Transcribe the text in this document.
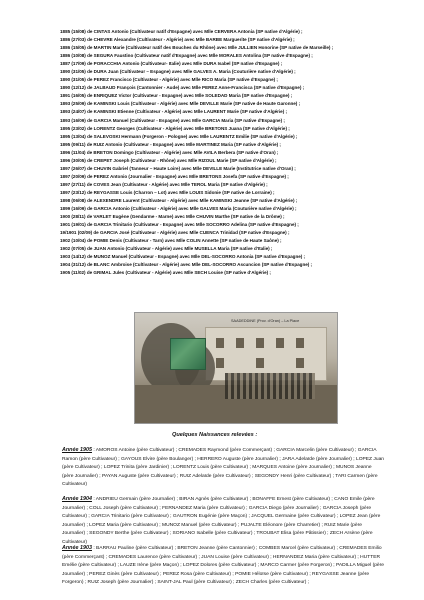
1885 (15/08) de CINTAS Antonio (Cultivateur natif d'Espagne) avec Mlle CERVERA Antonia (SP native d'Algérie) ;
1886 (27/03) de CHEVRE Alexandre (Cultivateur - Algérie) avec Mlle BARBE Marguerite (SP native d'Algérie) ;
1886 (15/05) de MARTIN Marie (Cultivateur natif des Bouches du Rhône) avec Mlle JULLIEN Honorine (SP native de Marseille) ;
1886 (10/08) de SEGURA Faustino (Cultivateur natif d'Espagne) avec Mlle MORALES Antolina (SP native d'Espagne) ;
1887 (17/09) de PORACCHIA Antonio (Cultivateur- Italie) avec Mlle DURA Isabel (SP native d'Espagne) ;
1890 (31/05) de DURA Juan (Cultivateur – Espagne) avec Mlle GALVES A. Maria (Couturière native d'Algérie) ;
1890 (31/05) de PEREZ Francisco (Cultivateur - Algérie) avec Mlle RICO Maria (SP native d'Espagne) ;
1890 (12/12) de JALBAUD François (Cantonnier - Aude) avec Mlle PEREZ Anne-Francisca (SP native d'Espagne) ;
1891 (16/05) de ENRIQUEZ Victor (Cultivateur - Espagne) avec Mlle SOLEDAD Maria (SP native d'Espagne) ;
1893 (25/09) de KAMINSKI Louis (Cultivateur - Algérie) avec Mlle DEVILLE Marie (SP native de Haute Garonne) ;
1893 (24/07) de KAMINSKI Etienne (Cultivateur - Algérie) avec Mlle LAURENT Marie (SP native d'Algérie) ;
1893 (16/09) de GARCIA Manuel (Cultivateur - Espagne) avec Mlle GARCIA Maria (SP native d'Espagne) ;
1895 (23/02) de LORENTZ Georges (Cultivateur - Algérie) avec Mlle BRETONS Juana (SP native d'Algérie) ;
1895 (13/04) de SALEVOSKI Hermann (Forgeron - Pologne) avec Mlle LAURENTZ Emilie (SP native d'Algérie) ;
1895 (09/11) de RUIZ Antonio (Cultivateur - Espagne) avec Mlle MARTINEZ Maria (SP native d'Algérie) ;
1896 (11/04) de BRETON Domingo (Cultivateur - Algérie) avec Mlle AVILA Berbera (SP native d'Oran) ;
1896 (30/05) de CREPET Joseph (Cultivateur - Rhône) avec Mlle RIZOUL Marie (SP native d'Algérie) ;
1897 (26/07) de CHUVIN Gabriel (Tanneur – Haute Loire) avec Mlle DEVILLE Marie (Institutrice native d'Oran) ;
1897 (20/09) de PEREZ Antonio (Journalier - Espagne) avec Mlle BRETONS Josefa (SP native d'Espagne) ;
1897 (27/11) de COVES Jean (Cultivateur - Algérie) avec Mlle TEROL Maria (SP native d'Algérie) ;
1897 (23/12) de REYGASSE Louis (Charron – Lot) avec Mlle LOUIS Sidonie (SP native de Lorraine) ;
1898 (06/08) de ALEXENDRE Laurent (Cultivateur - Algérie) avec Mlle KAMINSKI Jeanne (SP native d'Algérie) ;
1899 (16/09) de GARCIA Antonio (Cultivateur - Algérie) avec Mlle GALVES Maria (Couturière native d'Algérie) ;
1900 (28/11) de VARLET Eugène (Gendarme - Marne) avec Mlle CHUVIN Marthe (SP native de la Drôme) ;
1901 (19/01) de GARCIA Trinitario (Cultivateur - Espagne) avec Mlle SOCORRO Adelina (SP native d'Espagne) ;
19/1901 (02/09) de GARCIA José (Cultivateur - Algérie) avec Mlle CUENCA Trinidad (SP native d'Espagne) ;
1902 (10/04) de POMIE Denis (Cultivateur - Tarn) avec Mlle COLIN Annette (SP native de Haute Saône) ;
1902 (07/05) de JUAN Antonio (Cultivateur - Algérie) avec Mlle MUSELLA Maria (SP native d'Italie) ;
1903 (14/12) de MUNOZ Manuel (Cultivateur - Espagne) avec Mlle DEL-SOCORRO Antonia (SP native d'Espagne) ;
1904 (31/12) de BLANC Ambroise (Cultivateur - Algérie) avec Mlle DEL-SOCORRO Ascuncion (SP native d'Espagne) ;
1905 (11/02) de GRIMAL Jules (Cultivateur - Algérie) avec Mlle SECH Louise (SP native d'Algérie) ;
SAADEDDINE (Prov. d'Oran) – La Place
Quelques Naissances relevées :
Année 1905 : AMOROS Antoine (père Cultivateur) ; CREMADES Raymond (père Commerçant) ; GARCIA Marcelin (père Cultivateur) ; GARCIA Ramon (père Cultivateur) ; GAYOUS Elvire (père Boulanger) ; HERRERO Auguste (père Journalier) ; JARA Adelaïde (père Journalier) ; LOPEZ Juan (père Cultivateur) ; LOPEZ Trinita (père Jardinier) ; LORENTZ Louis (père Cultivateur) ; MARQUES Antoine (père Journalier) ; MUNOS Jeanne (père Journalier) ; PAYAN Auguste (père Cultivateur) ; RUIZ Adelaïde (père Cultivateur) ; SEGONDY Henri (père Cultivateur) ; TARI Carmen (père Cultivateur)
Année 1904 : ANDRIEU Germain (père Journalier) ; BIRAN Agnès (père Cultivateur) ; BONAFFE Ernest (père Cultivateur) ; CANO Emile (père Journalier) ; COLL Joseph (père Cultivateur) ; FERNANDEZ Maria (père Cultivateur) ; GARCIA Diego (père Journalier) ; GARCIA Joseph (père Cultivateur) ; GARCIA Trinitario (père Cultivateur) ; GAUTRON Eugénie (père Maçon) ; JACQUEL Germaine (père Cultivateur) ; LOPEZ Jean (père Journalier) ; LOPEZ Maria (père Cultivateur) ; MUNOZ Manuel (père Cultivateur) ; PUJALTE Eléonore (père Charretier) ; RUIZ Marie (père Journalier) ; SEGONDY Berthe (père Cultivateur) ; SORIANO Isabelle (père Cultivateur) ; TROUBAT Elisa (père Pâtissier) ; ZECH Arsène (père Cultivateur)
Année 1903 : BARRAU Pauline (père Cultivateur) ; BRETON Jeanne (père Cantonnier) ; COMBES Marcel (père Cultivateur) ; CREMADES Emilio (père Commerçant) ; CREMADES Laurence (père Cultivateur) ; JUAN Louise (père Cultivateur) ; HERNANDEZ Maria (père Cultivateur) ; HUTTER Emélie (père Cultivateur) ; LAUZE Irène (père Maçon) ; LOPEZ Dolores (père Cultivateur) ; MARCO Carmer (père Forgeron) ; PADILLA Miguel (père Journalier) ; PEREZ Ginès (père Cultivateur) ; PEREZ Rosa (père Cultivateur) ; POMIE Héloïse (père Cultivateur) ; REYGASSE Jeanne (père Forgeron) ; RUIZ Joseph (père Journalier) ; SAINT-JAL Paul (père Cultivateur) ; ZECH Charles (père Cultivateur) ;
